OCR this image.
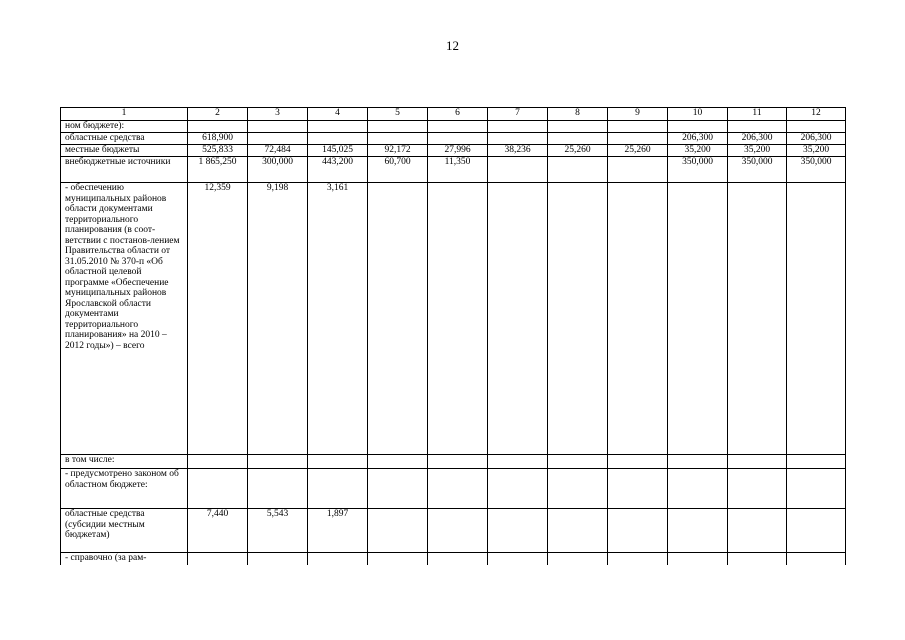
12
1	2	3	4	5	6	7	8	9	10	11	12
ном бюджете):											
областные средства	618,900								206,300	206,300	206,300
местные бюджеты	525,833	72,484	145,025	92,172	27,996	38,236	25,260	25,260	35,200	35,200	35,200
внебюджетные источники	1 865,250	300,000	443,200	60,700	11,350				350,000	350,000	350,000
- обеспечению муниципальных районов области документами территориального планирования (в соот-ветствии с постанов-лением Правительства области от 31.05.2010 № 370-п «Об областной целевой программе «Обеспечение муниципальных районов Ярославской области документами территориального планирования» на 2010 – 2012 годы») – всего	12,359	9,198	3,161								
в том числе:											
- предусмотрено законом об областном бюджете:											
областные средства (субсидии местным бюджетам)	7,440	5,543	1,897								
- справочно (за рам-											
